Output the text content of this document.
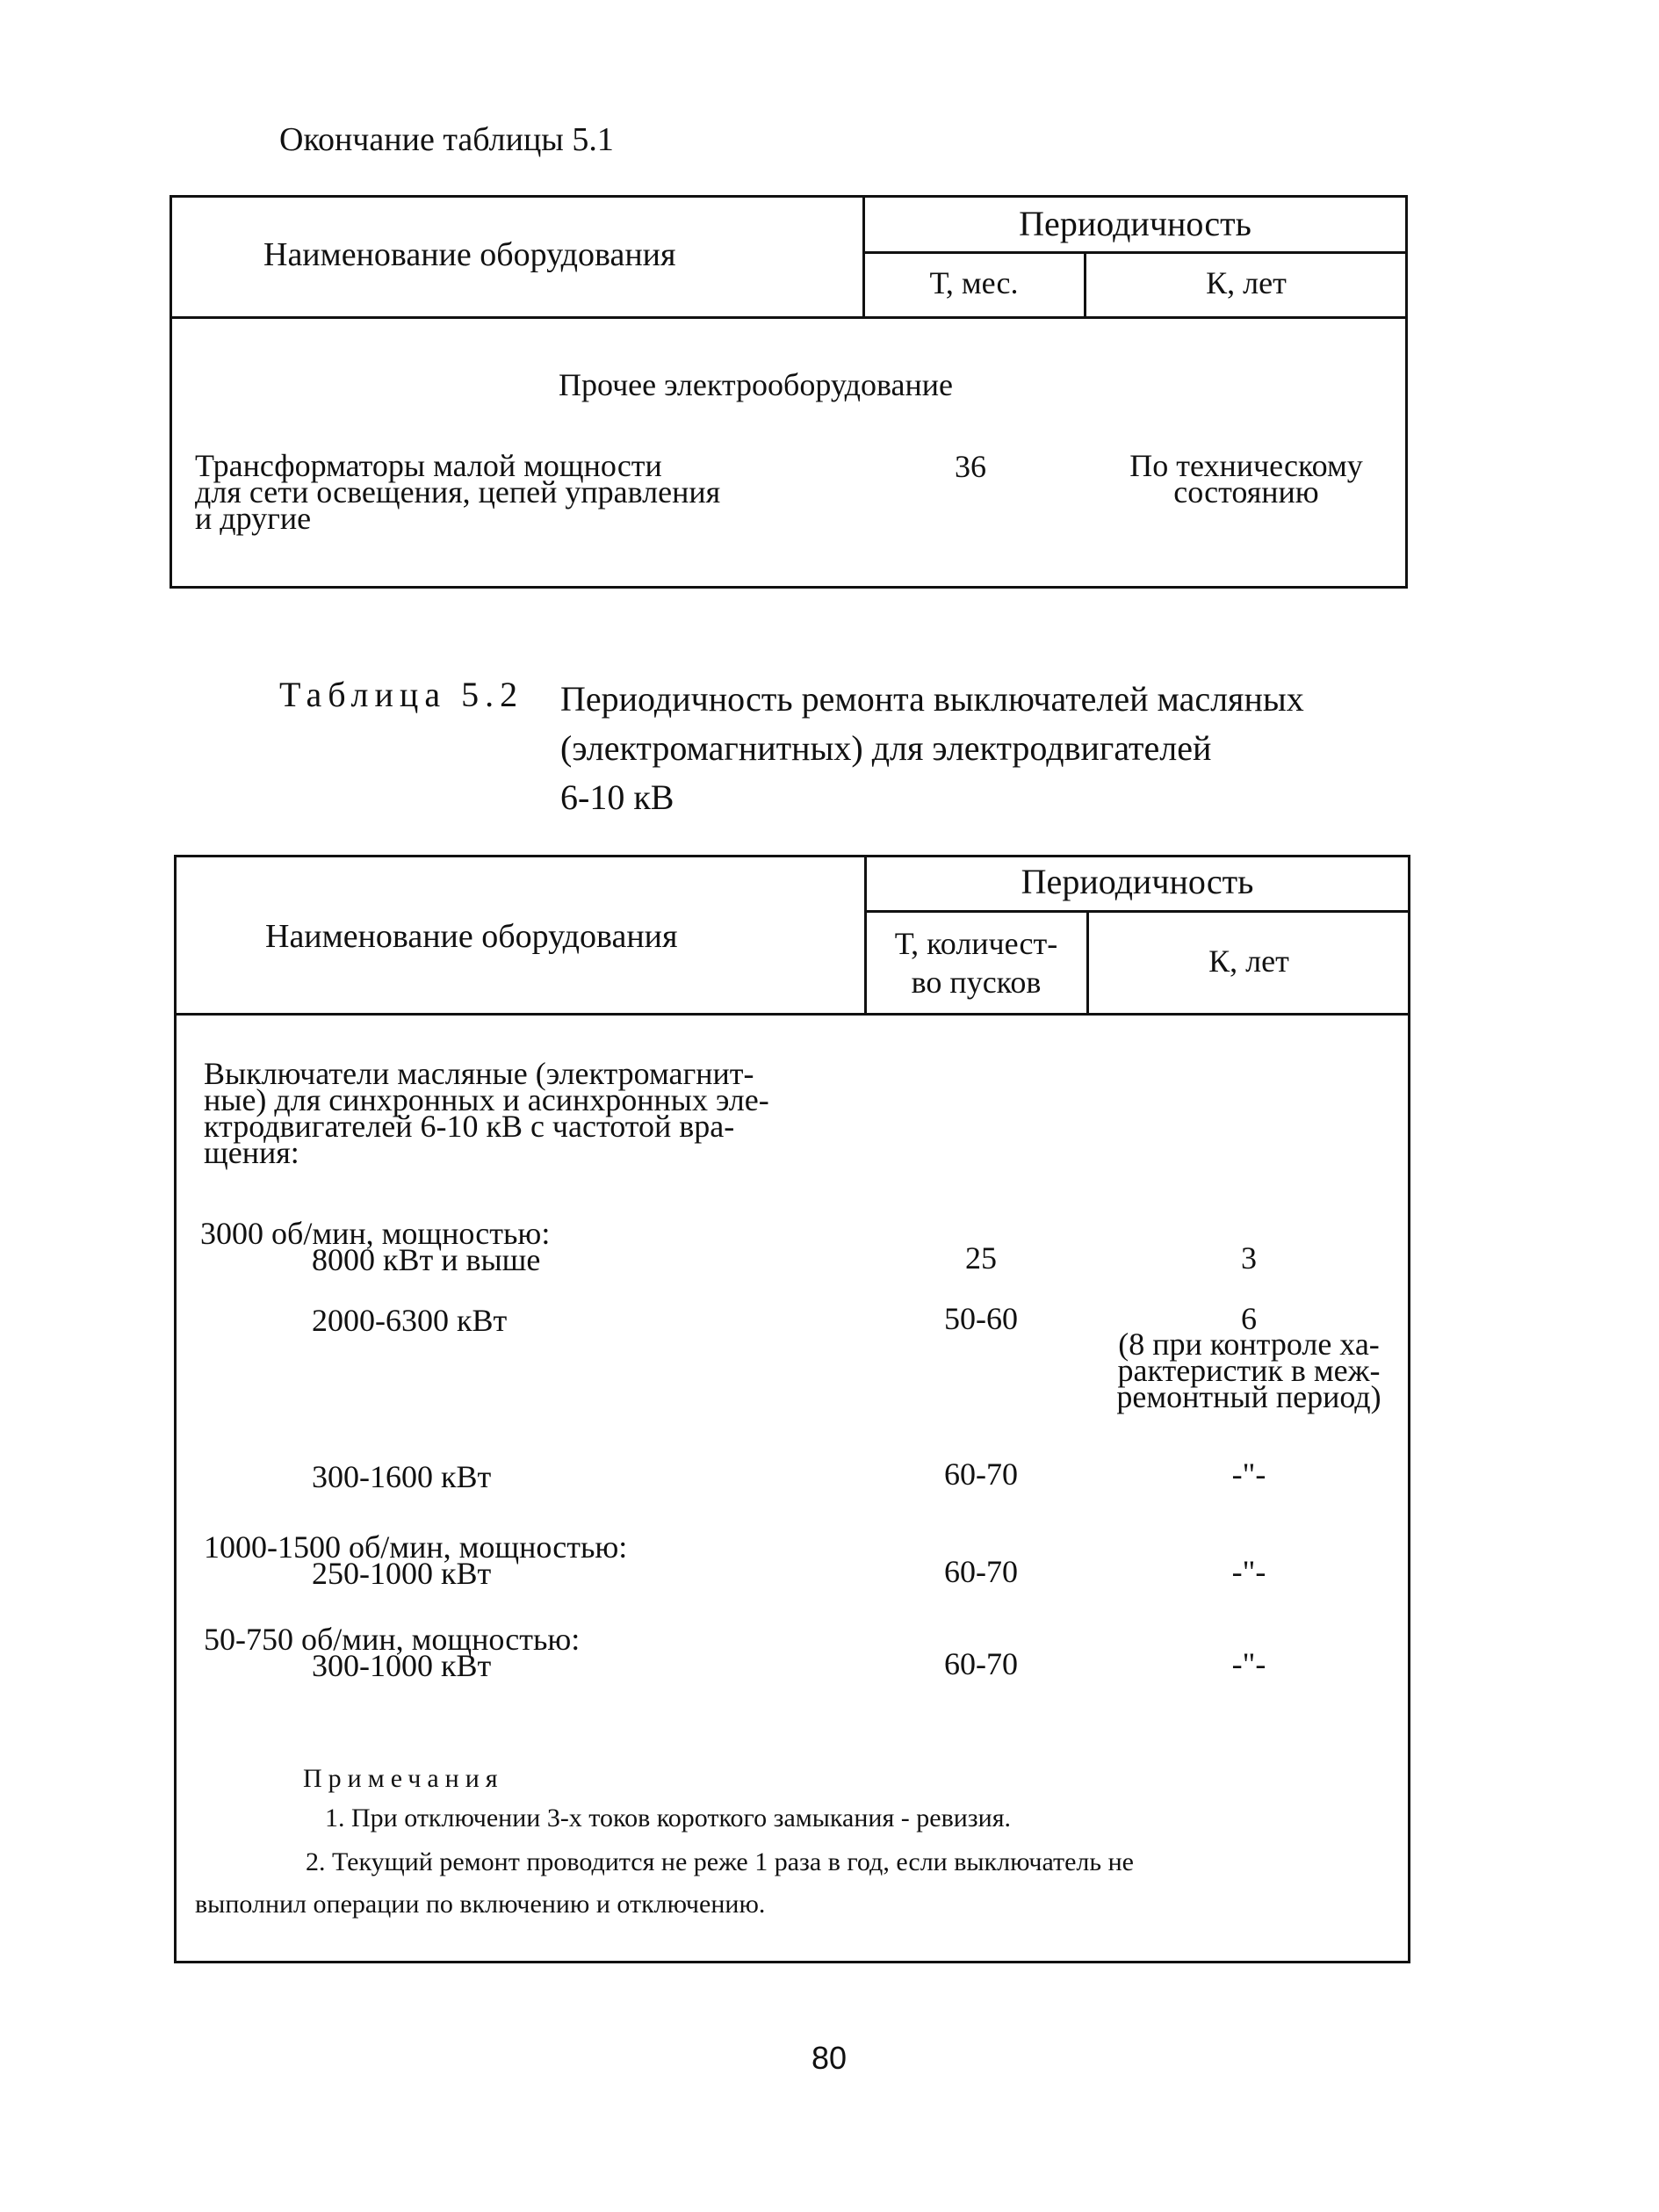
Окончание таблицы 5.1
Наименование оборудования
Периодичность
Т, мес.	К, лет
Прочее электрооборудование
Трансформаторы малой мощности
для сети освещения, цепей управления
и другие
36	По техническому
состоянию
Таблица 5.2 Периодичность ремонта выключателей масляных
(электромагнитных) для электродвигателей
6-10 кВ
Наименование оборудования
Периодичность
Т, количест-
во пусков
К, лет
Выключатели масляные (электромагнит-
ные) для синхронных и асинхронных эле-
ктродвигателей 6-10 кВ с частотой вра-
щения:
3000 об/мин, мощностью:
8000 кВт и выше	25	3
2000-6300 кВт	50-60	6
(8 при контроле ха-
рактеристик в меж-
ремонтный период)
300-1600 кВт	60-70	-"-
1000-1500 об/мин, мощностью:
250-1000 кВт	60-70	-"-
50-750 об/мин, мощностью:
300-1000 кВт	60-70	-"-
Примечания
1. При отключении 3-х токов короткого замыкания - ревизия.
2. Текущий ремонт проводится не реже 1 раза в год, если выключатель не
выполнил операции по включению и отключению.
80
